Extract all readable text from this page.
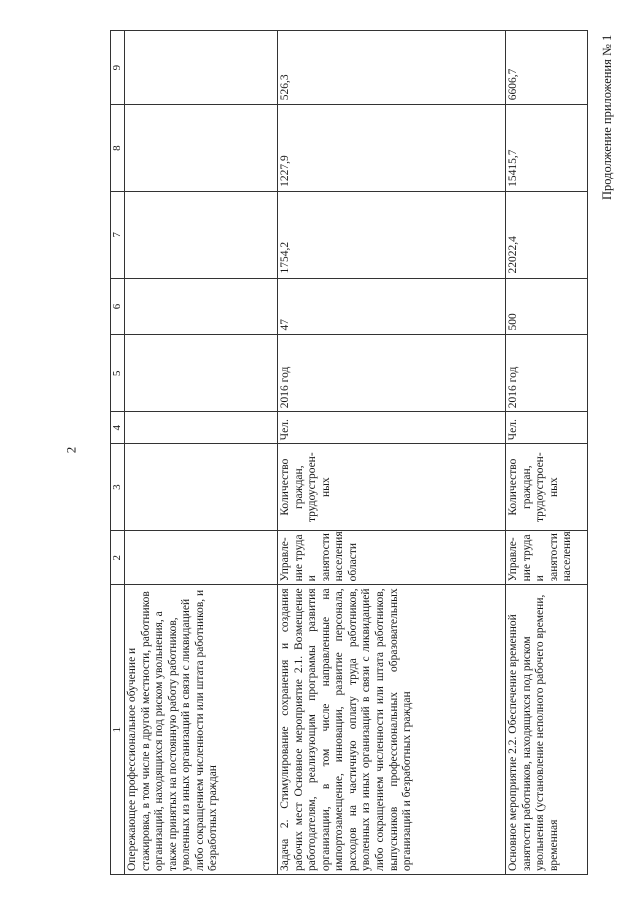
2
Продолжение приложения № 1
1	2	3	4	5	6	7	8	9
Опережающее профессиональное обучение и стажировка, в том числе в другой местности, работников организаций, находящихся под риском увольнения, а также принятых на постоянную работу работников, уволенных из иных организаций в связи с ликвидацией либо сокращением численности или штата работников, и безработных граждан								
Задача 2. Стимулирование сохранения и создания рабочих мест Основное мероприятие 2.1. Возмещение работодателям, реализующим программы развития организации, в том числе направленные на импортозамещение, инновации, развитие персонала, расходов на частичную оплату труда работников, уволенных из иных организаций в связи с ликвидацией либо сокращением численности или штата работников, выпускников профессиональных образовательных организаций и безработных граждан	Управле-ние труда и занятости населения области	Количество граждан, трудоустроен-ных	Чел.	2016 год	47	1754,2	1227,9	526,3
Основное мероприятие 2.2. Обеспечение временной занятости работников, находящихся под риском увольнения (установление неполного рабочего времени, временная	Управле-ние труда и занятости населения	Количество граждан, трудоустроен-ных	Чел.	2016 год	500	22022,4	15415,7	6606,7
